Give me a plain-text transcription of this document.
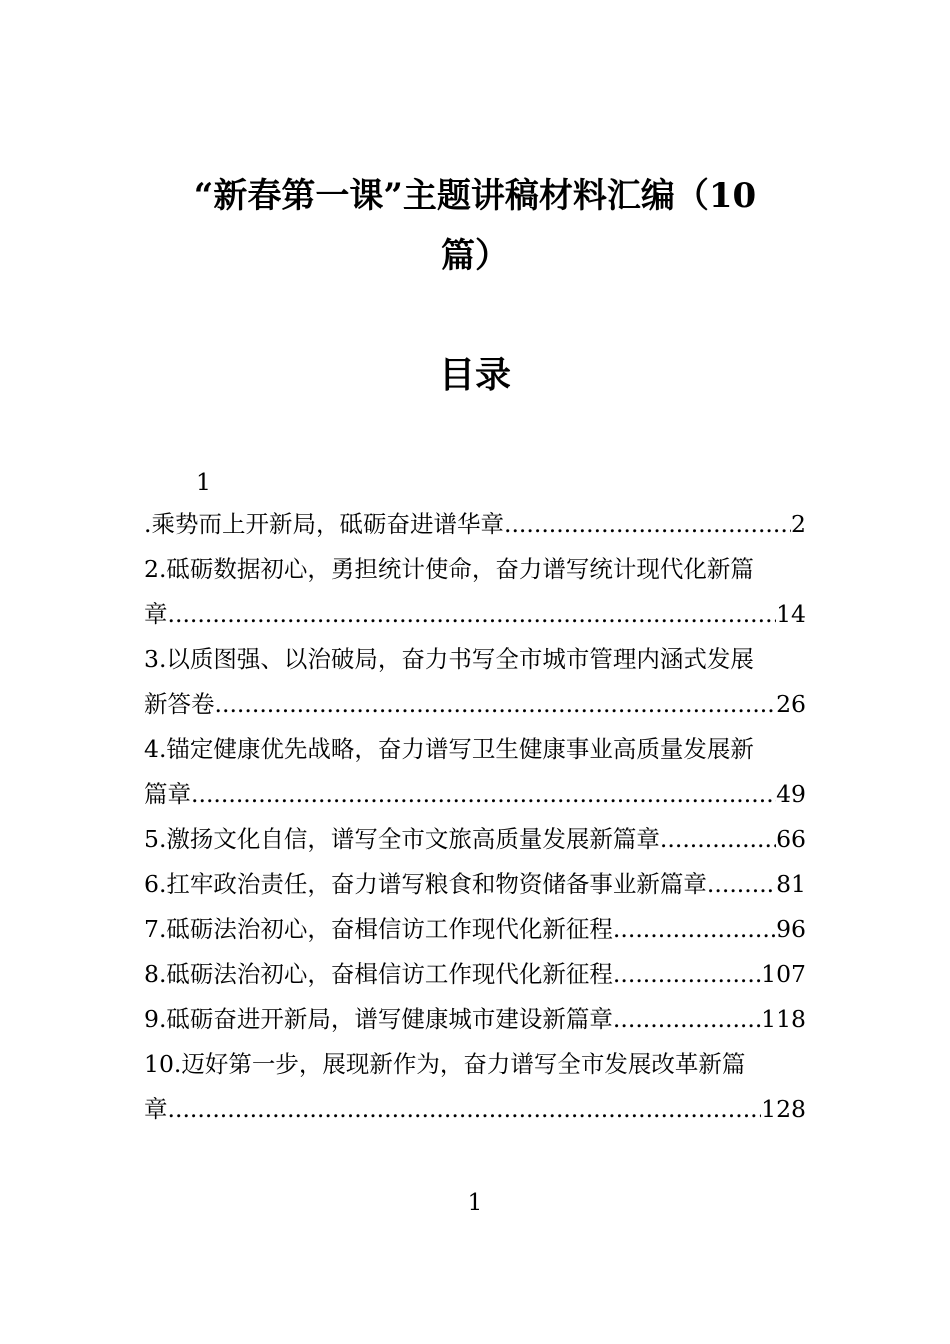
“新春第一课”主题讲稿材料汇编（10
篇）
目录
1
.乘势而上开新局，砥砺奋进谱华章 .....	2
2.砥砺数据初心，勇担统计使命，奋力谱写统计现代化新篇
章 .....	14
3.以质图强、以治破局，奋力书写全市城市管理内涵式发展
新答卷 .....	26
4.锚定健康优先战略，奋力谱写卫生健康事业高质量发展新
篇章 .....	49
5.激扬文化自信，谱写全市文旅高质量发展新篇章 .....	66
6.扛牢政治责任，奋力谱写粮食和物资储备事业新篇章 .....	81
7.砥砺法治初心，奋楫信访工作现代化新征程 .....	96
8.砥砺法治初心，奋楫信访工作现代化新征程 .....	107
9.砥砺奋进开新局，谱写健康城市建设新篇章 .....	118
10.迈好第一步，展现新作为，奋力谱写全市发展改革新篇
章 .....	128
1
